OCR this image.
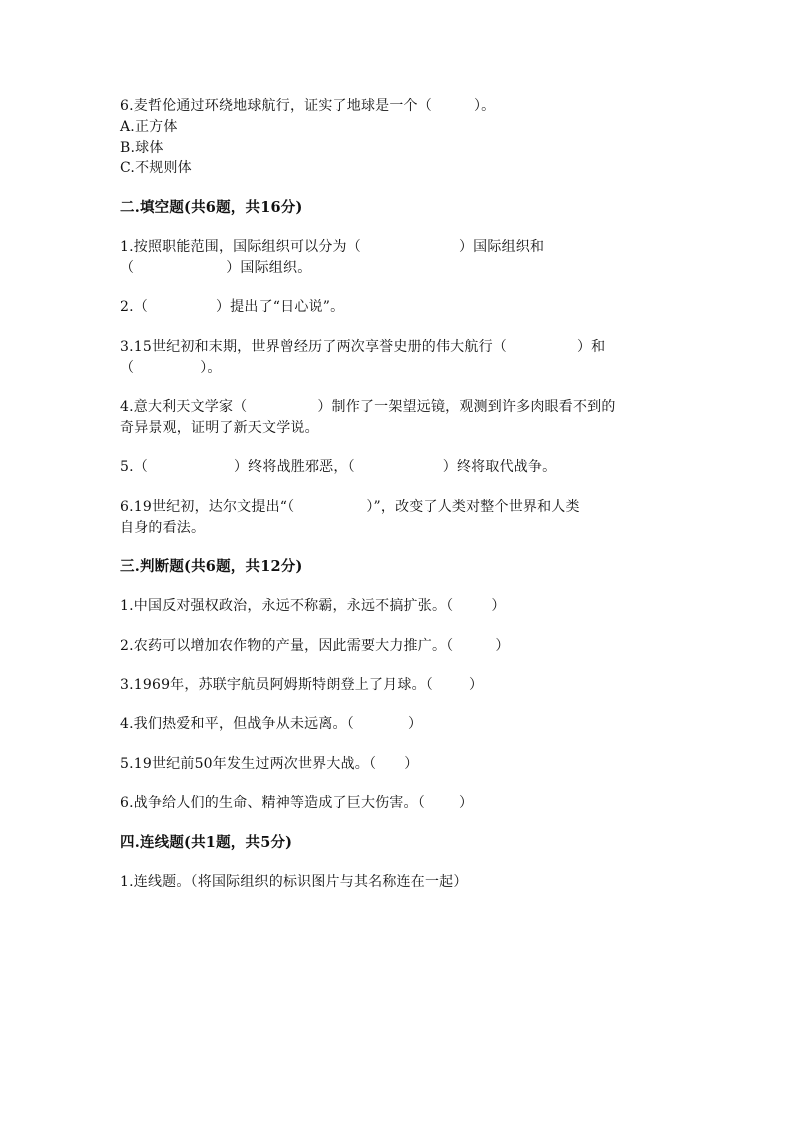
6.麦哲伦通过环绕地球航行，证实了地球是一个（	）。
A.正方体
B.球体
C.不规则体
二.填空题(共6题，共16分)
1.按照职能范围，国际组织可以分为（	）国际组织和
（	）国际组织。
2.（	）提出了“日心说”。
3.15世纪初和末期，世界曾经历了两次享誉史册的伟大航行（	）和
（	）。
4.意大利天文学家（	）制作了一架望远镜，观测到许多肉眼看不到的
奇异景观，证明了新天文学说。
5.（	）终将战胜邪恶，（	）终将取代战争。
6.19世纪初，达尔文提出“（	）”，改变了人类对整个世界和人类
自身的看法。
三.判断题(共6题，共12分)
1.中国反对强权政治，永远不称霸，永远不搞扩张。（	）
2.农药可以增加农作物的产量，因此需要大力推广。（	）
3.1969年，苏联宇航员阿姆斯特朗登上了月球。（	）
4.我们热爱和平，但战争从未远离。（	）
5.19世纪前50年发生过两次世界大战。（ ）
6.战争给人们的生命、精神等造成了巨大伤害。（ ）
四.连线题(共1题，共5分)
1.连线题。（将国际组织的标识图片与其名称连在一起）
